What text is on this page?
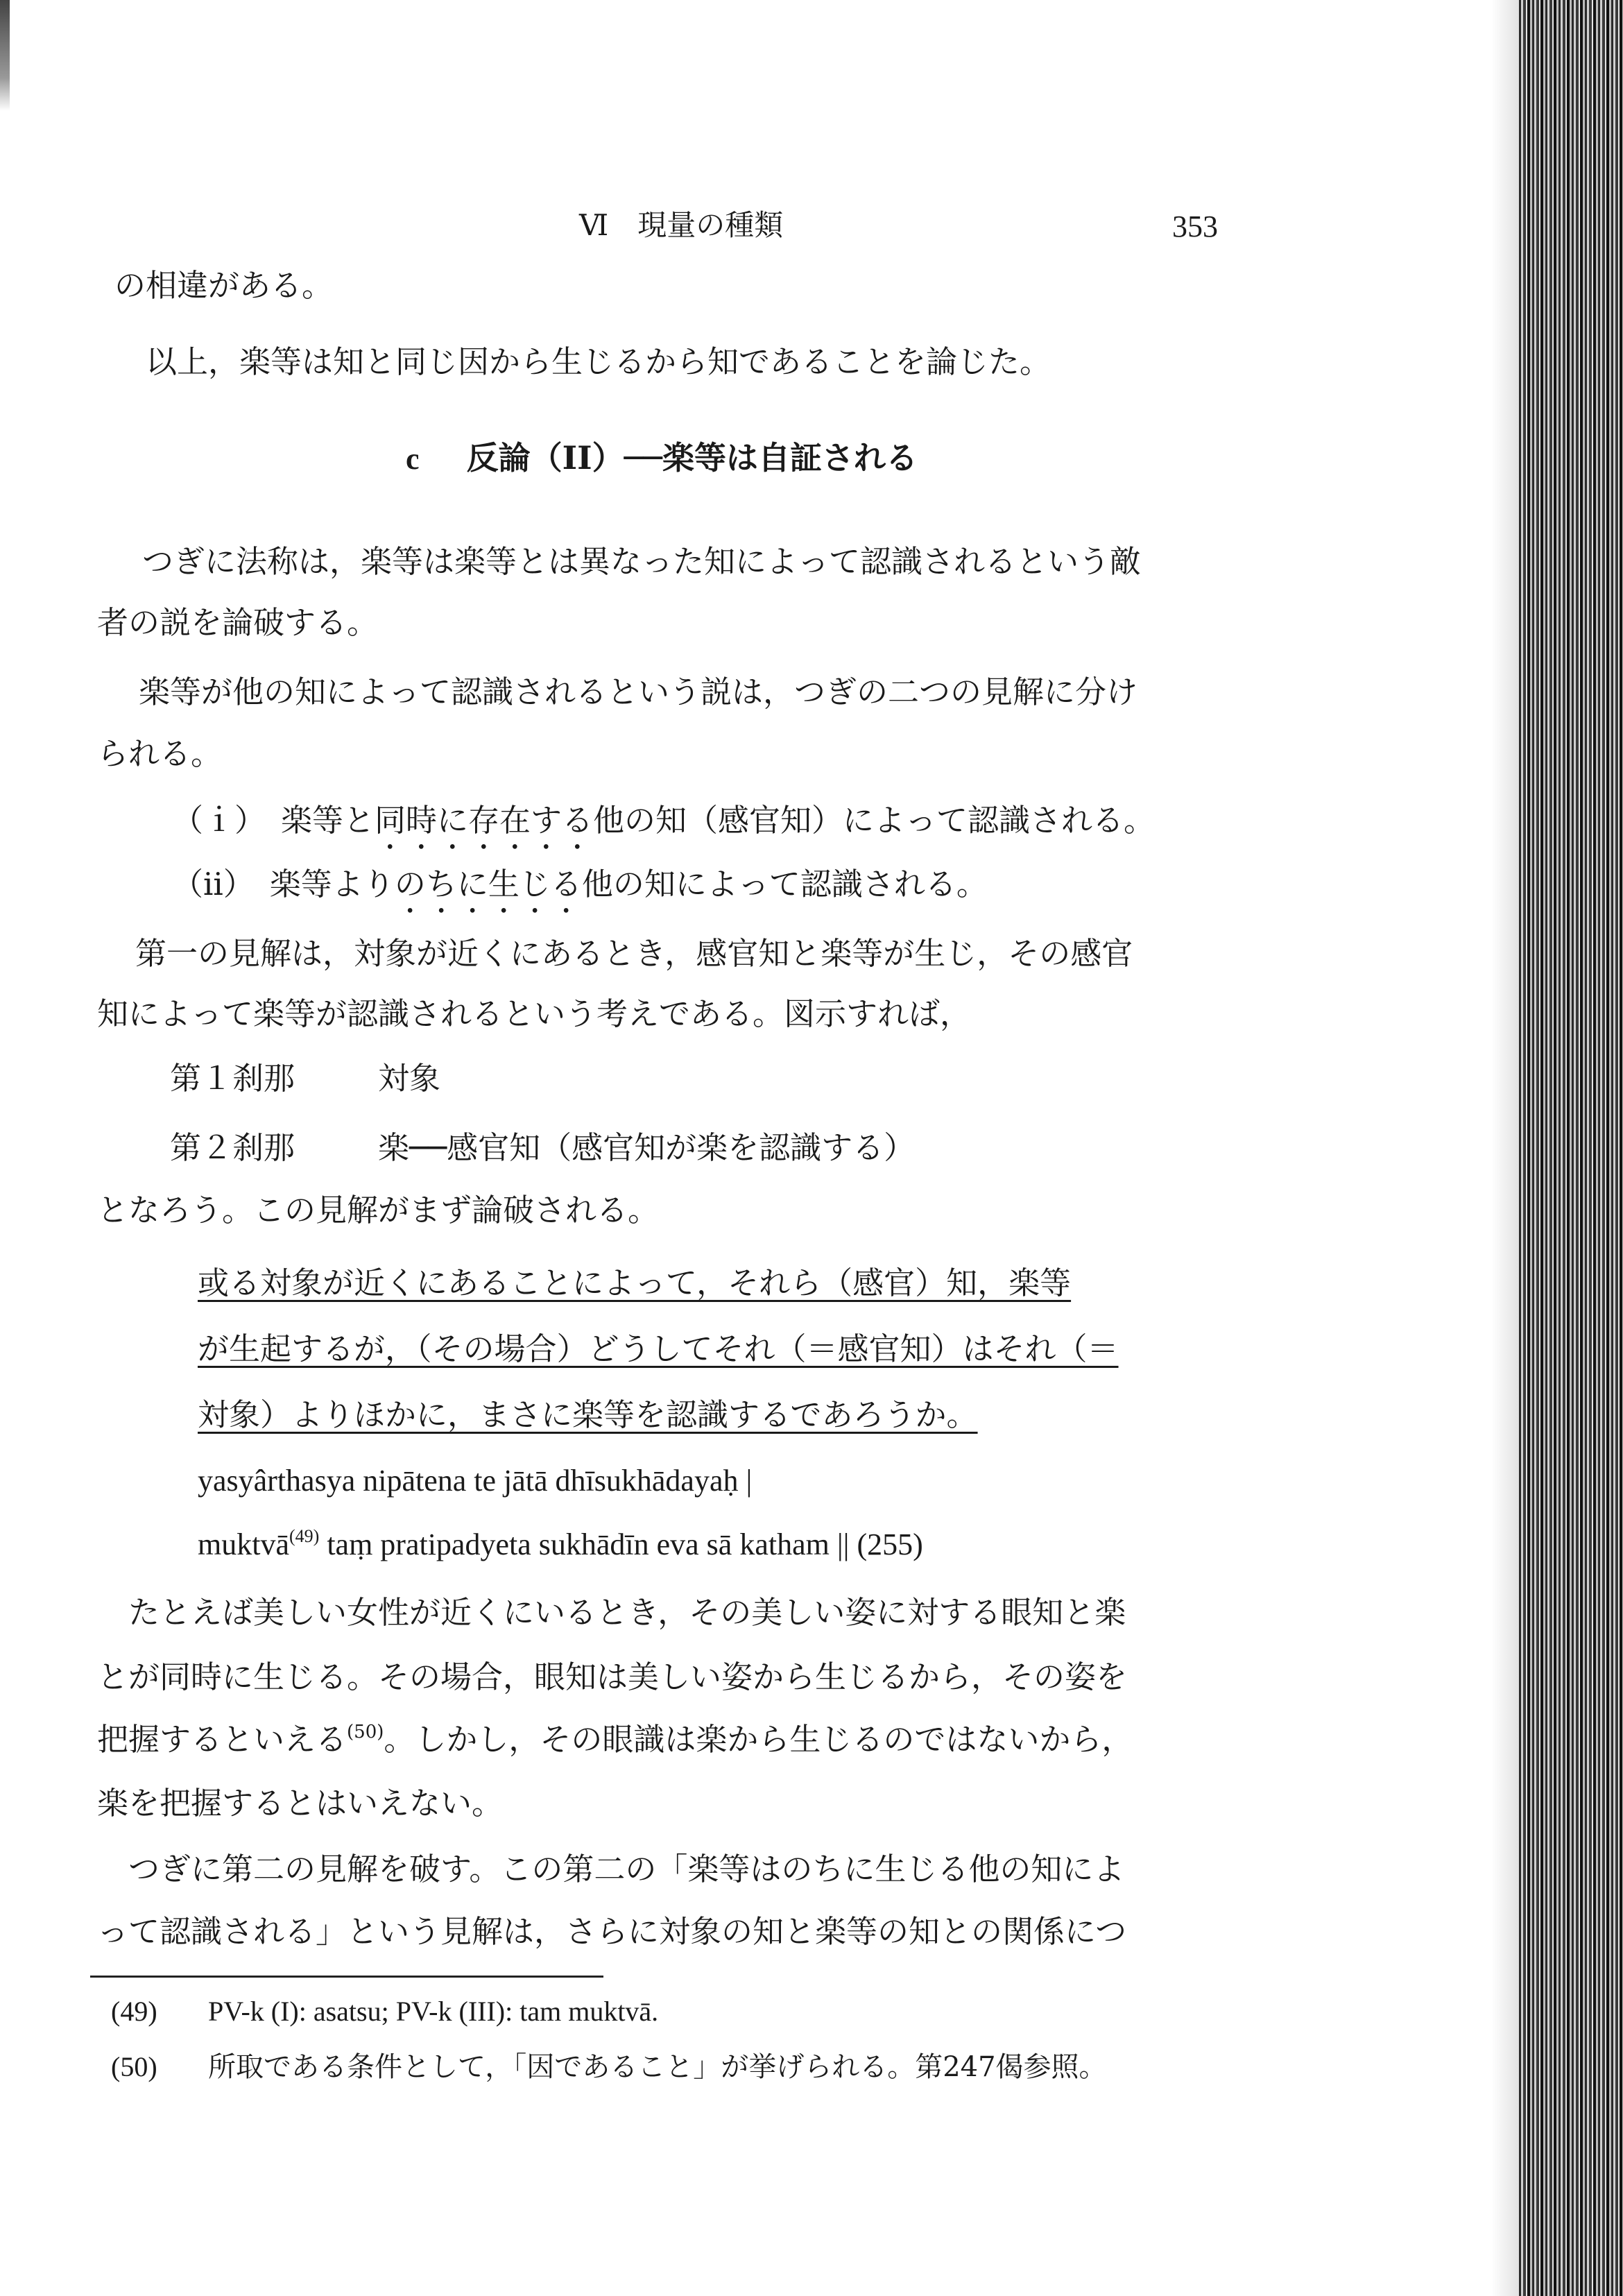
Ⅵ　現量の種類	353
の相違がある。
以上，楽等は知と同じ因から生じるから知であることを論じた。
c 反論（II）──楽等は自証される
つぎに法称は，楽等は楽等とは異なった知によって認識されるという敵
者の説を論破する。
楽等が他の知によって認識されるという説は，つぎの二つの見解に分け
られる。
（ｉ） 楽等と同時に存在する他の知（感官知）によって認識される。
（ii） 楽等よりのちに生じる他の知によって認識される。
第一の見解は，対象が近くにあるとき，感官知と楽等が生じ，その感官
知によって楽等が認識されるという考えである。図示すれば，
第１刹那	対象
第２刹那	楽──感官知（感官知が楽を認識する）
となろう。この見解がまず論破される。
或る対象が近くにあることによって，それら（感官）知，楽等
が生起するが，（その場合）どうしてそれ（＝感官知）はそれ（＝
対象）よりほかに，まさに楽等を認識するであろうか。
yasyârthasya nipātena te jātā dhīsukhādayaḥ |
muktvā$^{(49)}$ taṃ pratipadyeta sukhādīn eva sā katham || (255)
たとえば美しい女性が近くにいるとき，その美しい姿に対する眼知と楽
とが同時に生じる。その場合，眼知は美しい姿から生じるから，その姿を
把握するといえる$^{(50)}$。しかし，その眼識は楽から生じるのではないから，
楽を把握するとはいえない。
つぎに第二の見解を破す。この第二の「楽等はのちに生じる他の知によ
って認識される」という見解は，さらに対象の知と楽等の知との関係につ
(49) PV-k (I): asatsu; PV-k (III): tam muktvā.
(50) 所取である条件として，「因であること」が挙げられる。第247偈参照。
